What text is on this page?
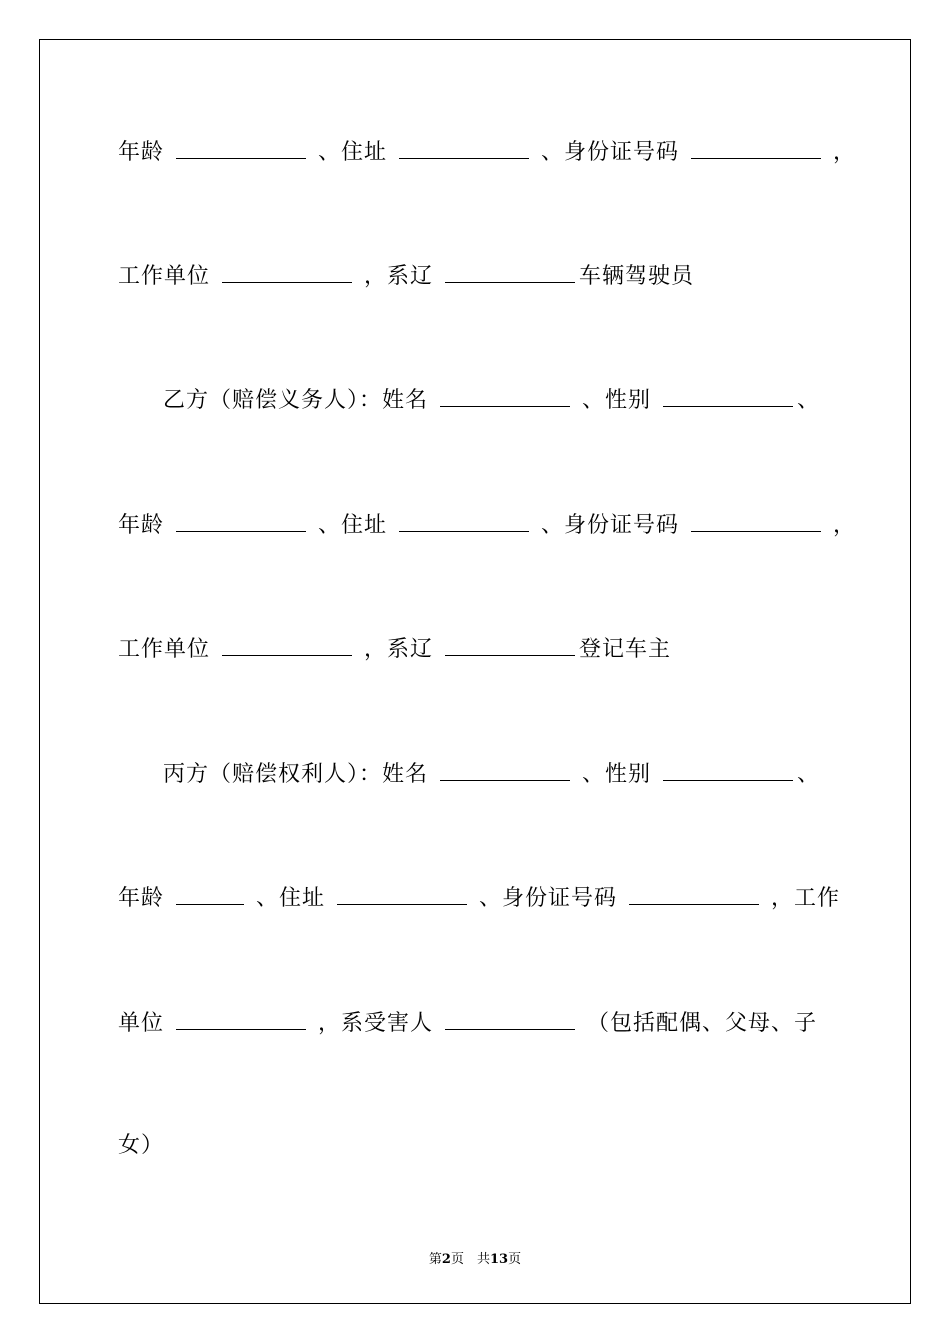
年龄	、住址	、身份证号码	，
工作单位	，系辽	车辆驾驶员
乙方（赔偿义务人）：姓名	、性别	、
年龄	、住址	、身份证号码	，
工作单位	，系辽	登记车主
丙方（赔偿权利人）：姓名	、性别	、
年龄	、住址	、身份证号码	，工作
单位	，系受害人	（包括配偶、父母、子
女）
第2页　共13页
